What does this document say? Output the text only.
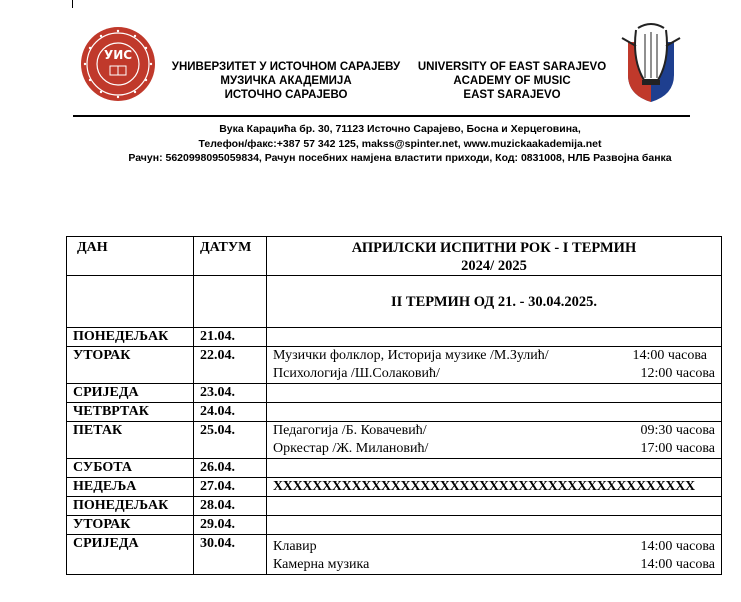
УИС
УНИВЕРЗИТЕТ У ИСТОЧНОМ САРАЈЕВУ
МУЗИЧКА АКАДЕМИЈА
ИСТОЧНО САРАЈЕВО
UNIVERSITY OF EAST SARAJEVO
ACADEMY OF MUSIC
EAST SARAJEVO
Вука Караџића бр. 30, 71123 Источно Сарајево, Босна и Херцеговина,
Телефон/факс:+387 57 342 125, makss@spinter.net, www.muzickaakademija.net
Рачун: 5620998095059834, Рачун посебних намјена властити приходи, Код: 0831008, НЛБ Развојна банка
ДАН	ДАТУМ	АПРИЛСКИ ИСПИТНИ РОК - I ТЕРМИН
2024/ 2025

		II ТЕРМИН ОД 21. - 30.04.2025.
ПОНЕДЕЉАК	21.04.	
УТОРАК	22.04.	Музички фолклор, Историја музике /М.Зулић/ 14:00 часова
Психологија /Ш.Солаковић/ 12:00 часова

СРИЈЕДА	23.04.	
ЧЕТВРТАК	24.04.	
ПЕТАК	25.04.	Педагогија /Б. Ковачевић/ 09:30 часова
Оркестар /Ж. Милановић/ 17:00 часова

СУБОТА	26.04.	
НЕДЕЉА	27.04.	XXXXXXXXXXXXXXXXXXXXXXXXXXXXXXXXXXXXXXXXXXX
ПОНЕДЕЉАК	28.04.	
УТОРАК	29.04.	
СРИЈЕДА	30.04.	Клавир 14:00 часова
Камерна музика 14:00 часова
